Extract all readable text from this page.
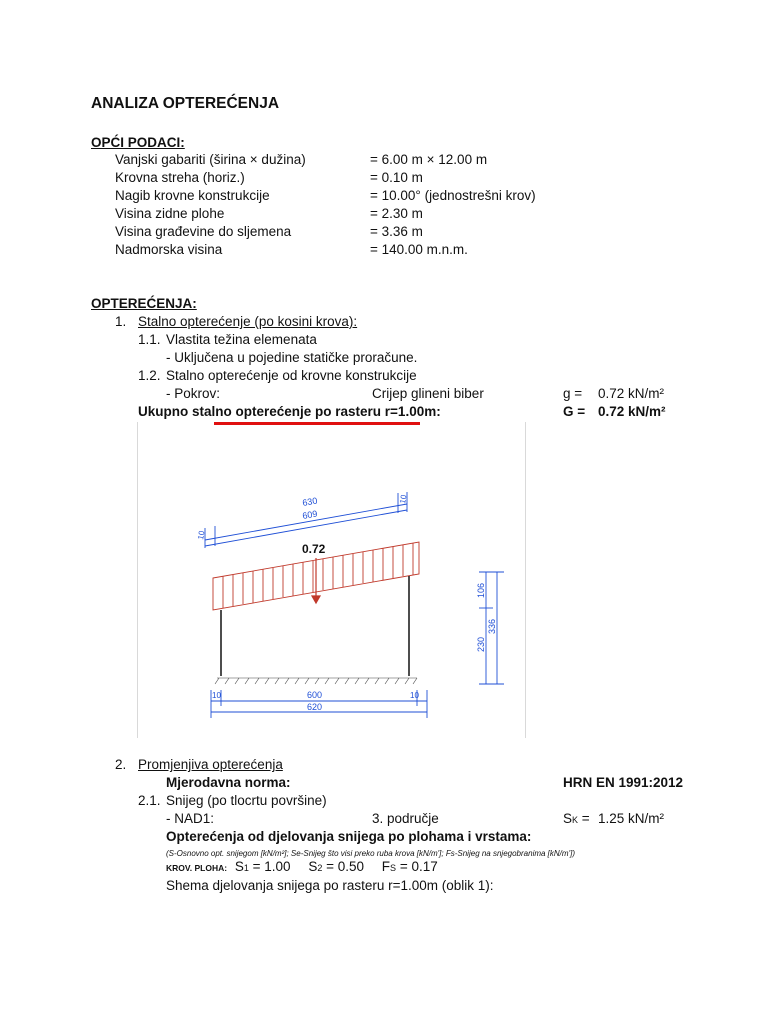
ANALIZA OPTEREĆENJA
OPĆI PODACI:
Vanjski gabariti (širina × dužina)	= 6.00 m × 12.00 m
Krovna streha (horiz.)	= 0.10 m
Nagib krovne konstrukcije	= 10.00° (jednostrešni krov)
Visina zidne plohe	= 2.30 m
Visina građevine do sljemena	= 3.36 m
Nadmorska visina	= 140.00 m.n.m.
OPTEREĆENJA:
1. Stalno opterećenje (po kosini krova):
1.1. Vlastita težina elemenata
- Uključena u pojedine statičke proračune.
1.2. Stalno opterećenje od krovne konstrukcije
- Pokrov:	Crijep glineni biber	g = 0.72 kN/m²
Ukupno stalno opterećenje po rasteru r=1.00m:	G = 0.72 kN/m²
630
609
10
10
0.72
600
620
10	10
106
230
336
2. Promjenjiva opterećenja
Mjerodavna norma:	HRN EN 1991:2012
2.1. Snijeg (po tlocrtu površine)
- NAD1:	3. područje	SK = 1.25 kN/m²
Opterećenja od djelovanja snijega po plohama i vrstama:
(S-Osnovno opt. snijegom [kN/m²]; Se-Snijeg što visi preko ruba krova [kN/m']; Fs-Snijeg na snjegobranima [kN/m'])
KROV. PLOHA: S1 = 1.00 S2 = 0.50 FS = 0.17
Shema djelovanja snijega po rasteru r=1.00m (oblik 1):
